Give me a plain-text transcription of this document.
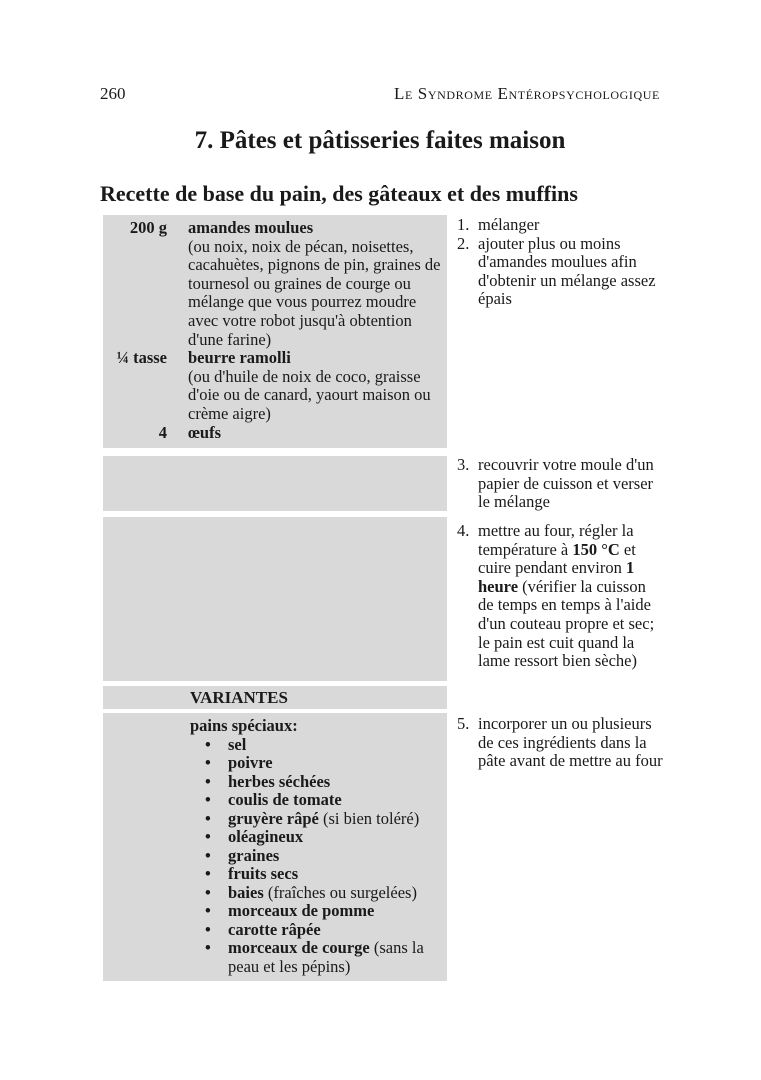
260	Le Syndrome Entéropsychologique
7. Pâtes et pâtisseries faites maison
Recette de base du pain, des gâteaux et des muffins
200 g	amandes moulues
(ou noix, noix de pécan, noisettes, cacahuètes, pignons de pin, graines de tournesol ou graines de courge ou mélange que vous pourrez moudre avec votre robot jusqu'à obtention d'une farine)
¼ tasse	beurre ramolli
(ou d'huile de noix de coco, graisse d'oie ou de canard, yaourt maison ou crème aigre)
4	œufs
VARIANTES
pains spéciaux:
•	sel
•	poivre
•	herbes séchées
•	coulis de tomate
•	gruyère râpé (si bien toléré)
•	oléagineux
•	graines
•	fruits secs
•	baies (fraîches ou surgelées)
•	morceaux de pomme
•	carotte râpée
•	morceaux de courge (sans la peau et les pépins)
1. mélanger
2. ajouter plus ou moins d'amandes moulues afin d'obtenir un mélange assez épais
3. recouvrir votre moule d'un papier de cuisson et verser le mélange
4. mettre au four, régler la température à 150 °C et cuire pendant environ 1 heure (vérifier la cuisson de temps en temps à l'aide d'un couteau propre et sec; le pain est cuit quand la lame ressort bien sèche)
5. incorporer un ou plusieurs de ces ingrédients dans la pâte avant de mettre au four
